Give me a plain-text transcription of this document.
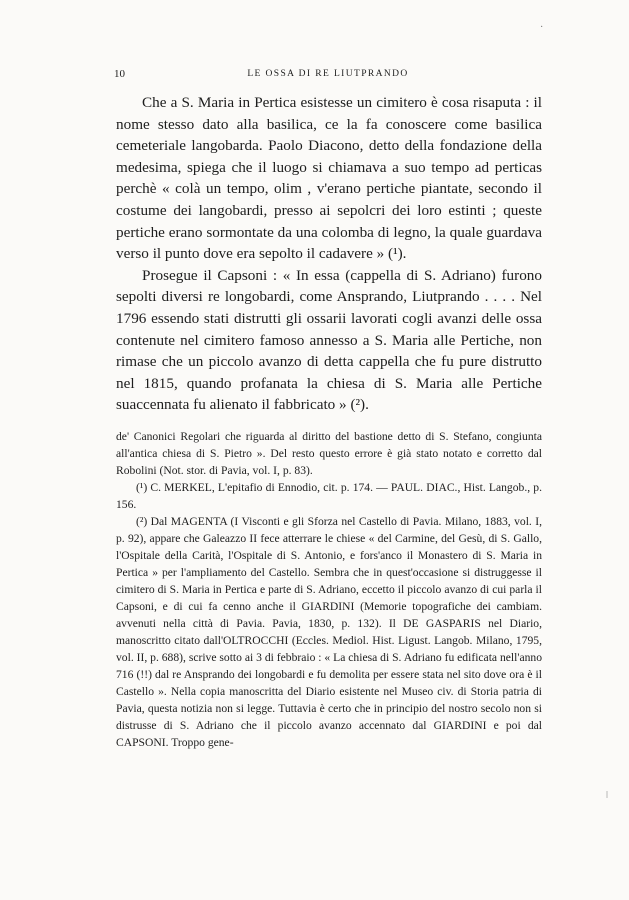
10	LE OSSA DI RE LIUTPRANDO

Che a S. Maria in Pertica esistesse un cimitero è cosa risaputa : il nome stesso dato alla basilica, ce la fa conoscere come basilica cemeteriale langobarda. Paolo Diacono, detto della fondazione della medesima, spiega che il luogo si chiamava a suo tempo ad perticas perchè « colà un tempo, olim , v'erano pertiche piantate, secondo il costume dei langobardi, presso ai sepolcri dei loro estinti ; queste pertiche erano sormontate da una colomba di legno, la quale guardava verso il punto dove era sepolto il cadavere » (¹).

Prosegue il Capsoni : « In essa (cappella di S. Adriano) furono sepolti diversi re longobardi, come Ansprando, Liutprando . . . . Nel 1796 essendo stati distrutti gli ossarii lavorati cogli avanzi delle ossa contenute nel cimitero famoso annesso a S. Maria alle Pertiche, non rimase che un piccolo avanzo di detta cappella che fu pure distrutto nel 1815, quando profanata la chiesa di S. Maria alle Pertiche suaccennata fu alienato il fabbricato » (²).

de' Canonici Regolari che riguarda al diritto del bastione detto di S. Stefano, congiunta all'antica chiesa di S. Pietro ». Del resto questo errore è già stato notato e corretto dal Robolini (Not. stor. di Pavia, vol. I, p. 83).

(¹) C. MERKEL, L'epitafio di Ennodio, cit. p. 174. — PAUL. DIAC., Hist. Langob., p. 156.

(²) Dal MAGENTA (I Visconti e gli Sforza nel Castello di Pavia. Milano, 1883, vol. I, p. 92), appare che Galeazzo II fece atterrare le chiese « del Carmine, del Gesù, di S. Gallo, l'Ospitale della Carità, l'Ospitale di S. Antonio, e fors'anco il Monastero di S. Maria in Pertica » per l'ampliamento del Castello. Sembra che in quest'occasione si distruggesse il cimitero di S. Maria in Pertica e parte di S. Adriano, eccetto il piccolo avanzo di cui parla il Capsoni, e di cui fa cenno anche il GIARDINI (Memorie topografiche dei cambiam. avvenuti nella città di Pavia. Pavia, 1830, p. 132). Il DE GASPARIS nel Diario, manoscritto citato dall'OLTROCCHI (Eccles. Mediol. Hist. Ligust. Langob. Milano, 1795, vol. II, p. 688), scrive sotto ai 3 di febbraio : « La chiesa di S. Adriano fu edificata nell'anno 716 (!!) dal re Ansprando dei longobardi e fu demolita per essere stata nel sito dove ora è il Castello ». Nella copia manoscritta del Diario esistente nel Museo civ. di Storia patria di Pavia, questa notizia non si legge. Tuttavia è certo che in principio del nostro secolo non si distrusse di S. Adriano che il piccolo avanzo accennato dal GIARDINI e poi dal CAPSONI. Troppo gene-

·
ǀ
